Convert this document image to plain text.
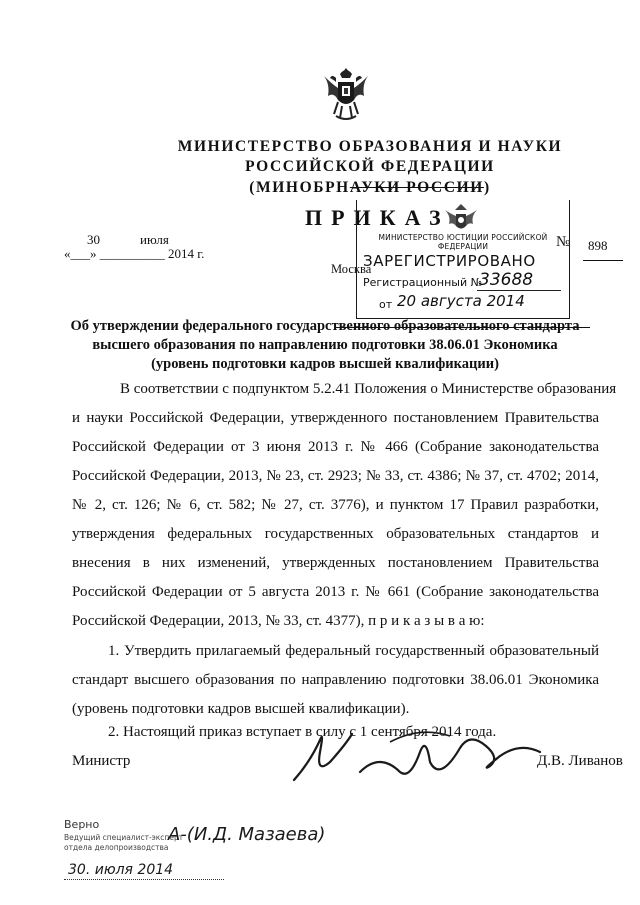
МИНИСТЕРСТВО ОБРАЗОВАНИЯ И НАУКИ
РОССИЙСКОЙ ФЕДЕРАЦИИ
(МИНОБРНАУКИ РОССИИ)
ПРИКАЗ
30	июля
«___» __________ 2014 г.
Москва
№ 898
МИНИСТЕРСТВО ЮСТИЦИИ РОССИЙСКОЙ ФЕДЕРАЦИИ
ЗАРЕГИСТРИРОВАНО
Регистрационный №
33688
от 20 августа 2014
Об утверждении федерального государственного образовательного стандарта
высшего образования по направлению подготовки 38.06.01 Экономика
(уровень подготовки кадров высшей квалификации)
В соответствии с подпунктом 5.2.41 Положения о Министерстве образования
и науки Российской Федерации, утвержденного постановлением Правительства
Российской Федерации от 3 июня 2013 г. № 466 (Собрание законодательства
Российской Федерации, 2013, № 23, ст. 2923; № 33, ст. 4386; № 37, ст. 4702; 2014,
№ 2, ст. 126; № 6, ст. 582; № 27, ст. 3776), и пунктом 17 Правил разработки,
утверждения федеральных государственных образовательных стандартов и
внесения в них изменений, утвержденных постановлением Правительства
Российской Федерации от 5 августа 2013 г. № 661 (Собрание законодательства
Российской Федерации, 2013, № 33, ст. 4377), п р и к а з ы в а ю:
1. Утвердить прилагаемый федеральный государственный образовательный
стандарт высшего образования по направлению подготовки 38.06.01 Экономика
(уровень подготовки кадров высшей квалификации).
2. Настоящий приказ вступает в силу с 1 сентября 2014 года.
Министр	Д.В. Ливанов
Верно
Ведущий специалист-эксперт
отдела делопроизводства
А-(И.Д. Мазаева)
30. июля 2014
